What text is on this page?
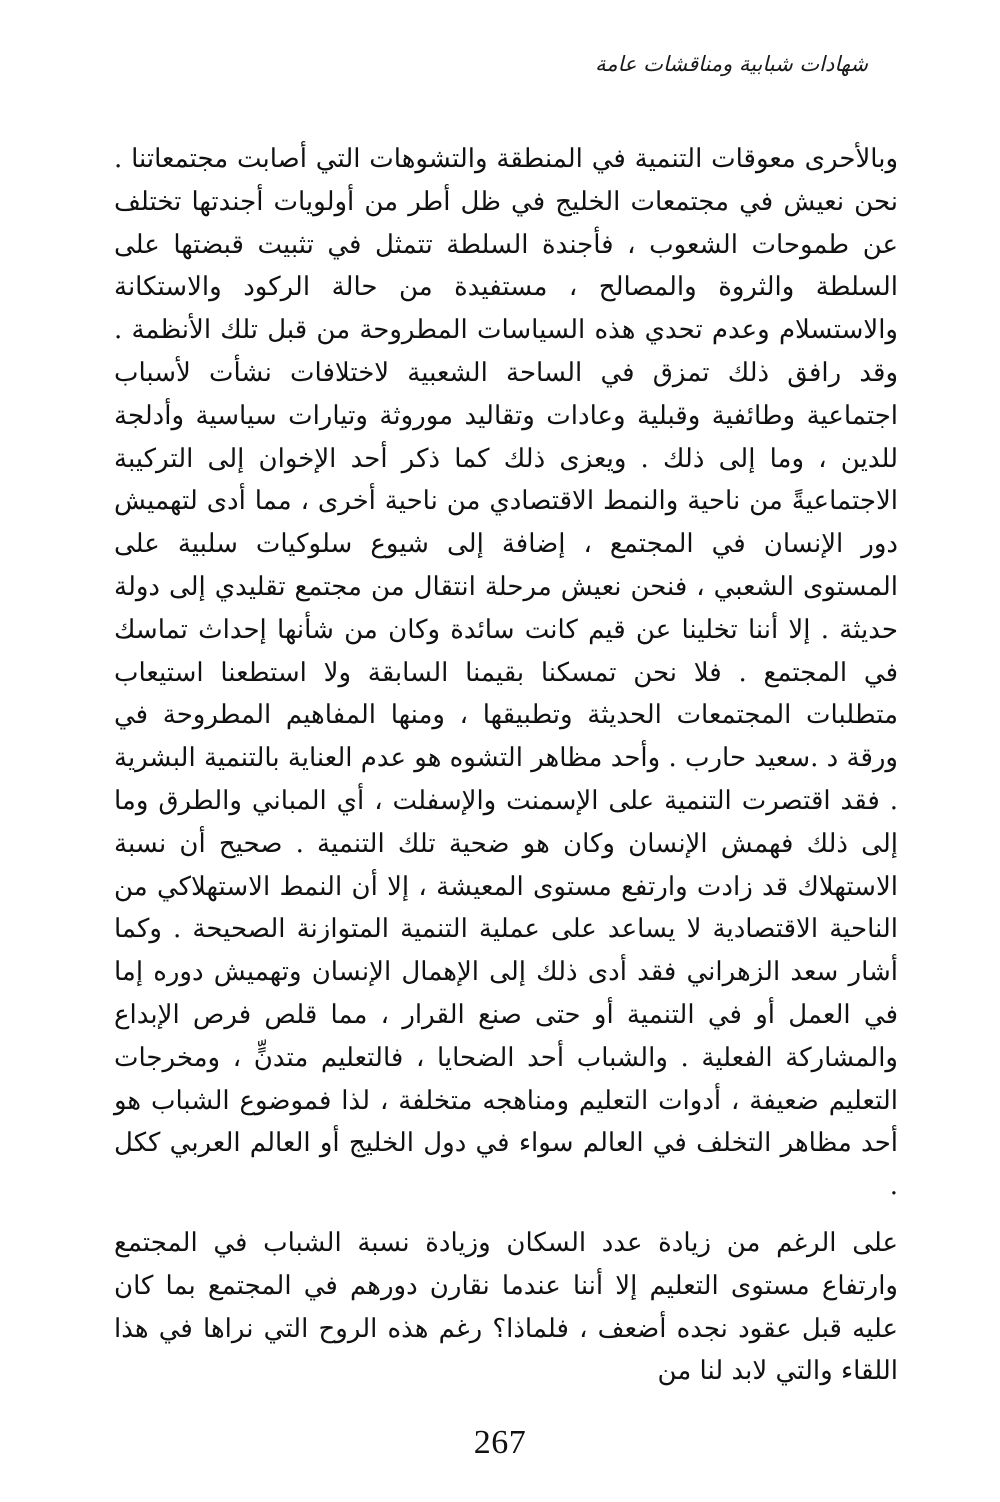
شهادات شبابية ومناقشات عامة

وبالأحرى معوقات التنمية في المنطقة والتشوهات التي أصابت مجتمعاتنا . نحن نعيش في مجتمعات الخليج في ظل أطر من أولويات أجندتها تختلف عن طموحات الشعوب ، فأجندة السلطة تتمثل في تثبيت قبضتها على السلطة والثروة والمصالح ، مستفيدة من حالة الركود والاستكانة والاستسلام وعدم تحدي هذه السياسات المطروحة من قبل تلك الأنظمة . وقد رافق ذلك تمزق في الساحة الشعبية لاختلافات نشأت لأسباب اجتماعية وطائفية وقبلية وعادات وتقاليد موروثة وتيارات سياسية وأدلجة للدين ، وما إلى ذلك . ويعزى ذلك كما ذكر أحد الإخوان إلى التركيبة الاجتماعيةً من ناحية والنمط الاقتصادي من ناحية أخرى ، مما أدى لتهميش دور الإنسان في المجتمع ، إضافة إلى شيوع سلوكيات سلبية على المستوى الشعبي ، فنحن نعيش مرحلة انتقال من مجتمع تقليدي إلى دولة حديثة . إلا أننا تخلينا عن قيم كانت سائدة وكان من شأنها إحداث تماسك في المجتمع . فلا نحن تمسكنا بقيمنا السابقة ولا استطعنا استيعاب متطلبات المجتمعات الحديثة وتطبيقها ، ومنها المفاهيم المطروحة في ورقة د .سعيد حارب . وأحد مظاهر التشوه هو عدم العناية بالتنمية البشرية . فقد اقتصرت التنمية على الإسمنت والإسفلت ، أي المباني والطرق وما إلى ذلك فهمش الإنسان وكان هو ضحية تلك التنمية . صحيح أن نسبة الاستهلاك قد زادت وارتفع مستوى المعيشة ، إلا أن النمط الاستهلاكي من الناحية الاقتصادية لا يساعد على عملية التنمية المتوازنة الصحيحة . وكما أشار سعد الزهراني فقد أدى ذلك إلى الإهمال الإنسان وتهميش دوره إما في العمل أو في التنمية أو حتى صنع القرار ، مما قلص فرص الإبداع والمشاركة الفعلية . والشباب أحد الضحايا ، فالتعليم متدنٍّ ، ومخرجات التعليم ضعيفة ، أدوات التعليم ومناهجه متخلفة ، لذا فموضوع الشباب هو أحد مظاهر التخلف في العالم سواء في دول الخليج أو العالم العربي ككل .

على الرغم من زيادة عدد السكان وزيادة نسبة الشباب في المجتمع وارتفاع مستوى التعليم إلا أننا عندما نقارن دورهم في المجتمع بما كان عليه قبل عقود نجده أضعف ، فلماذا؟ رغم هذه الروح التي نراها في هذا اللقاء والتي لابد لنا من

267
